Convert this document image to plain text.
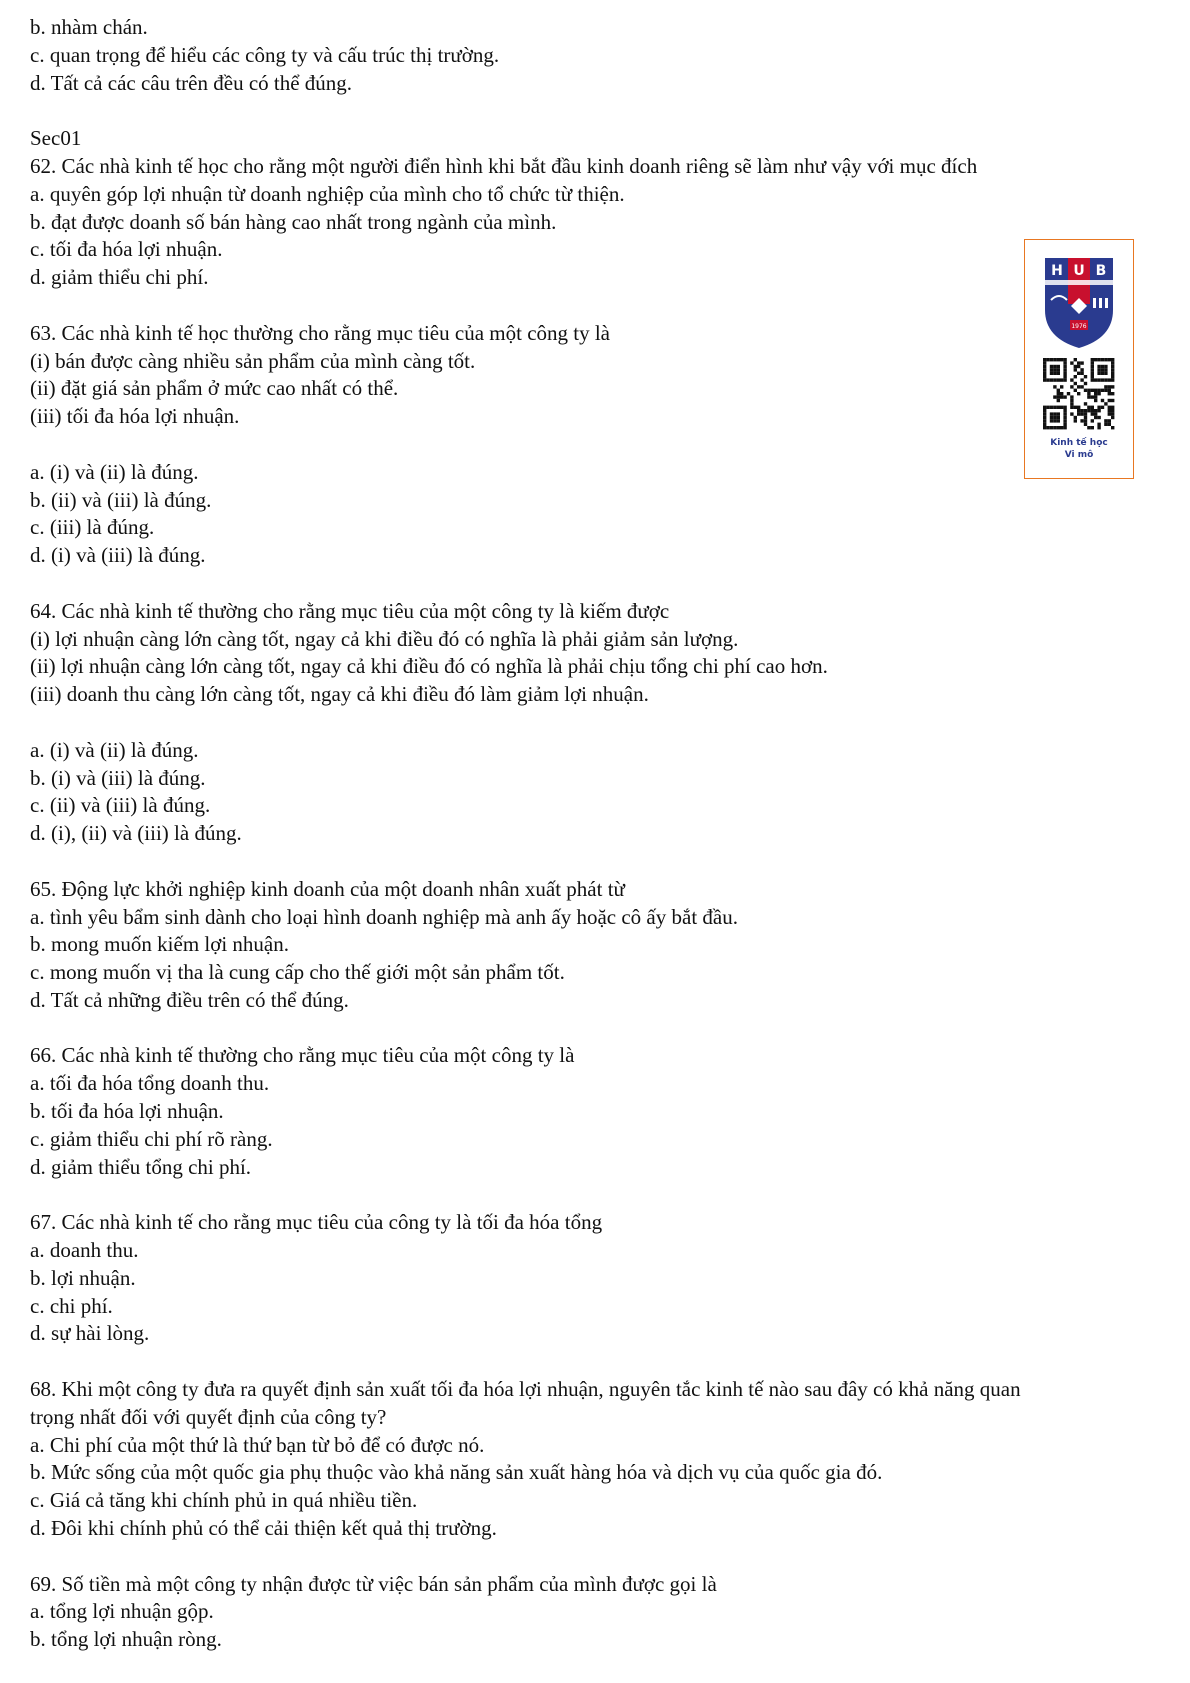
b. nhàm chán.
c. quan trọng để hiểu các công ty và cấu trúc thị trường.
d. Tất cả các câu trên đều có thể đúng.
Sec01
62. Các nhà kinh tế học cho rằng một người điển hình khi bắt đầu kinh doanh riêng sẽ làm như vậy với mục đích
a. quyên góp lợi nhuận từ doanh nghiệp của mình cho tổ chức từ thiện.
b. đạt được doanh số bán hàng cao nhất trong ngành của mình.
c. tối đa hóa lợi nhuận.
d. giảm thiểu chi phí.
63. Các nhà kinh tế học thường cho rằng mục tiêu của một công ty là
(i) bán được càng nhiều sản phẩm của mình càng tốt.
(ii) đặt giá sản phẩm ở mức cao nhất có thể.
(iii) tối đa hóa lợi nhuận.
a. (i) và (ii) là đúng.
b. (ii) và (iii) là đúng.
c. (iii) là đúng.
d. (i) và (iii) là đúng.
64. Các nhà kinh tế thường cho rằng mục tiêu của một công ty là kiếm được
(i) lợi nhuận càng lớn càng tốt, ngay cả khi điều đó có nghĩa là phải giảm sản lượng.
(ii) lợi nhuận càng lớn càng tốt, ngay cả khi điều đó có nghĩa là phải chịu tổng chi phí cao hơn.
(iii) doanh thu càng lớn càng tốt, ngay cả khi điều đó làm giảm lợi nhuận.
a. (i) và (ii) là đúng.
b. (i) và (iii) là đúng.
c. (ii) và (iii) là đúng.
d. (i), (ii) và (iii) là đúng.
65. Động lực khởi nghiệp kinh doanh của một doanh nhân xuất phát từ
a. tình yêu bẩm sinh dành cho loại hình doanh nghiệp mà anh ấy hoặc cô ấy bắt đầu.
b. mong muốn kiếm lợi nhuận.
c. mong muốn vị tha là cung cấp cho thế giới một sản phẩm tốt.
d. Tất cả những điều trên có thể đúng.
66. Các nhà kinh tế thường cho rằng mục tiêu của một công ty là
a. tối đa hóa tổng doanh thu.
b. tối đa hóa lợi nhuận.
c. giảm thiểu chi phí rõ ràng.
d. giảm thiểu tổng chi phí.
67. Các nhà kinh tế cho rằng mục tiêu của công ty là tối đa hóa tổng
a. doanh thu.
b. lợi nhuận.
c. chi phí.
d. sự hài lòng.
68. Khi một công ty đưa ra quyết định sản xuất tối đa hóa lợi nhuận, nguyên tắc kinh tế nào sau đây có khả năng quan
trọng nhất đối với quyết định của công ty?
a. Chi phí của một thứ là thứ bạn từ bỏ để có được nó.
b. Mức sống của một quốc gia phụ thuộc vào khả năng sản xuất hàng hóa và dịch vụ của quốc gia đó.
c. Giá cả tăng khi chính phủ in quá nhiều tiền.
d. Đôi khi chính phủ có thể cải thiện kết quả thị trường.
69. Số tiền mà một công ty nhận được từ việc bán sản phẩm của mình được gọi là
a. tổng lợi nhuận gộp.
b. tổng lợi nhuận ròng.
H U B
1976
Kinh tế học
Vi mô
